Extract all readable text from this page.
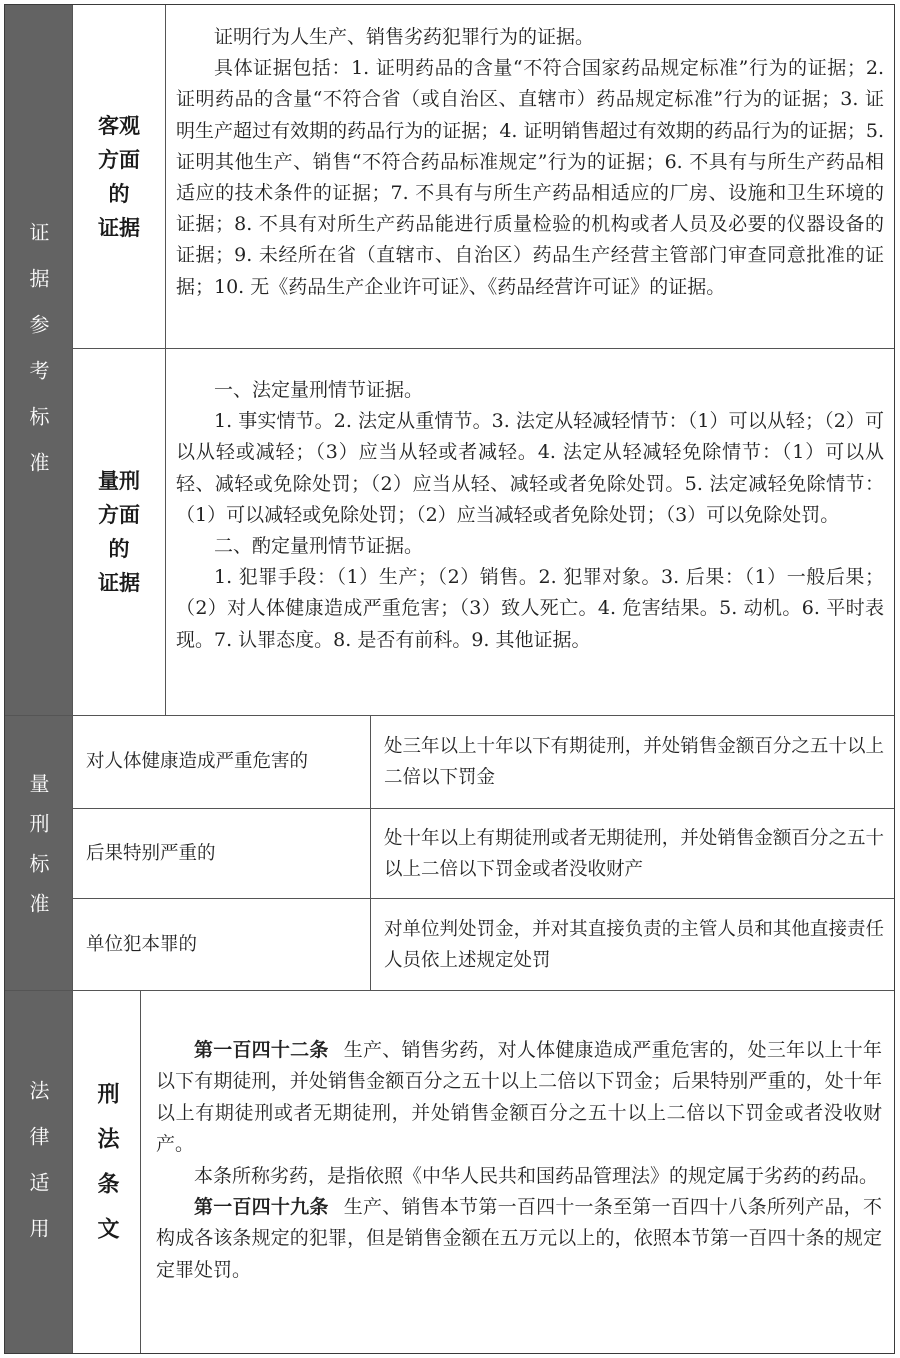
证据参考标准
客观
方面
的
证据

证明行为人生产、销售劣药犯罪行为的证据。

具体证据包括：1. 证明药品的含量“不符合国家药品规定标准”行为的证据；2. 证明药品的含量“不符合省（或自治区、直辖市）药品规定标准”行为的证据；3. 证明生产超过有效期的药品行为的证据；4. 证明销售超过有效期的药品行为的证据；5. 证明其他生产、销售“不符合药品标准规定”行为的证据；6. 不具有与所生产药品相适应的技术条件的证据；7. 不具有与所生产药品相适应的厂房、设施和卫生环境的证据；8. 不具有对所生产药品能进行质量检验的机构或者人员及必要的仪器设备的证据；9. 未经所在省（直辖市、自治区）药品生产经营主管部门审查同意批准的证据；10. 无《药品生产企业许可证》、《药品经营许可证》的证据。

量刑
方面
的
证据

一、法定量刑情节证据。

1. 事实情节。2. 法定从重情节。3. 法定从轻减轻情节：（1）可以从轻；（2）可以从轻或减轻；（3）应当从轻或者减轻。4. 法定从轻减轻免除情节：（1）可以从轻、减轻或免除处罚；（2）应当从轻、减轻或者免除处罚。5. 法定减轻免除情节：（1）可以减轻或免除处罚；（2）应当减轻或者免除处罚；（3）可以免除处罚。

二、酌定量刑情节证据。

1. 犯罪手段：（1）生产；（2）销售。2. 犯罪对象。3. 后果：（1）一般后果；（2）对人体健康造成严重危害；（3）致人死亡。4. 危害结果。5. 动机。6. 平时表现。7. 认罪态度。8. 是否有前科。9. 其他证据。

量刑标准
对人体健康造成严重危害的
处三年以上十年以下有期徒刑，并处销售金额百分之五十以上二倍以下罚金
后果特别严重的
处十年以上有期徒刑或者无期徒刑，并处销售金额百分之五十以上二倍以下罚金或者没收财产
单位犯本罪的
对单位判处罚金，并对其直接负责的主管人员和其他直接责任人员依上述规定处罚
法律适用 刑法条文

第一百四十二条 生产、销售劣药，对人体健康造成严重危害的，处三年以上十年以下有期徒刑，并处销售金额百分之五十以上二倍以下罚金；后果特别严重的，处十年以上有期徒刑或者无期徒刑，并处销售金额百分之五十以上二倍以下罚金或者没收财产。

本条所称劣药，是指依照《中华人民共和国药品管理法》的规定属于劣药的药品。

第一百四十九条 生产、销售本节第一百四十一条至第一百四十八条所列产品，不构成各该条规定的犯罪，但是销售金额在五万元以上的，依照本节第一百四十条的规定定罪处罚。
